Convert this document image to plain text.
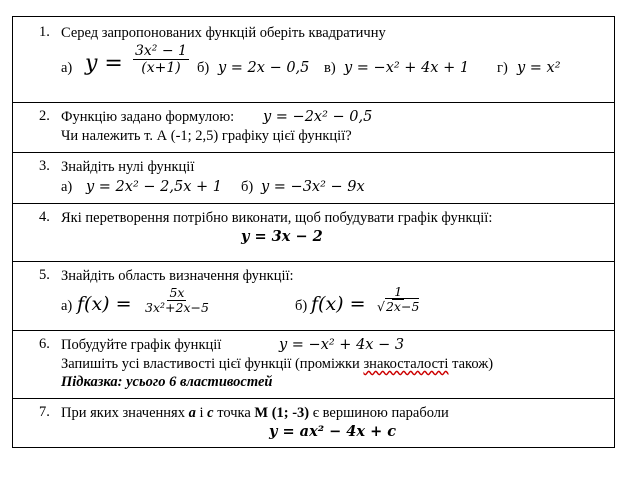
1. Серед запропонованих функцій оберіть квадратичну
а) $y = \frac{\text{3x² − 1}}{(x+1)} б$) y = 2x − 0,5 в) y = −x² + 4x + 1 г) y = x²

2. Функцію задано формулою: y = −2x² − 0,5
Чи належить т. А (-1; 2,5) графіку цієї функції?

3. Знайдіть нулі функції
а) y = 2x² − 2,5x + 1 б) y = −3x² − 9x

4. Які перетворення потрібно виконати, щоб побудувати графік функції:
y = 3x − 2

5. Знайдіть область визначення функції:
а) $f(x) = \frac{5x}{\text{3x²+2x−5}}$	б) $f(x) = \frac{1}{√2x-5}$

6. Побудуйте графік функції	y = −x² + 4x − 3
Запишіть усі властивості цієї функції (проміжки знакосталості також)
Підказка: усього 6 властивостей

7. При яких значеннях a і c точка M (1; -3) є вершиною параболи
y = ax² − 4x + c
